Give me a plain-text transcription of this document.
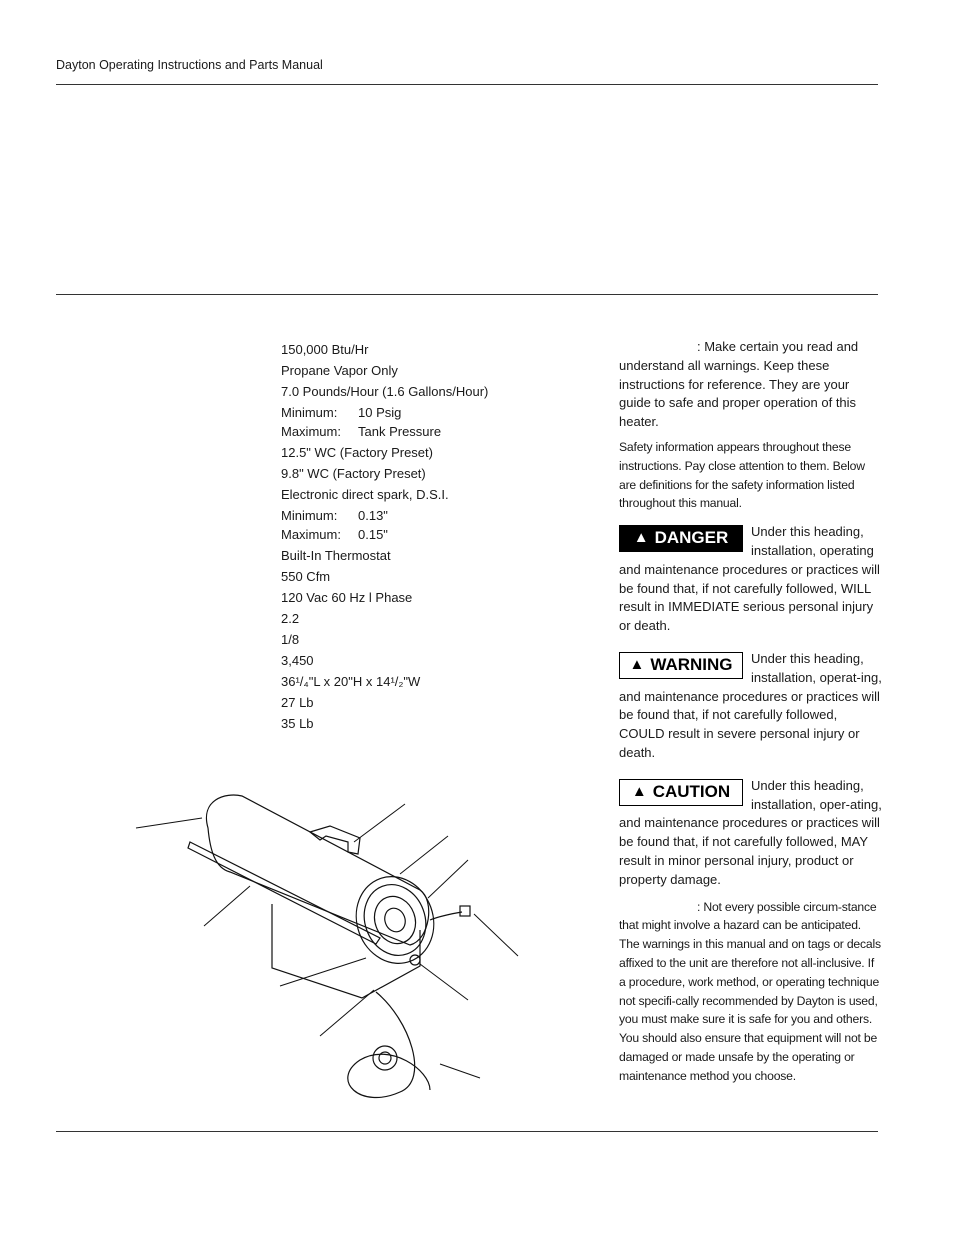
Dayton Operating Instructions and Parts Manual
150,000 Btu/Hr
Propane Vapor Only
7.0 Pounds/Hour (1.6 Gallons/Hour)
Minimum:	10 Psig
Maximum:	Tank Pressure
12.5" WC (Factory Preset)
9.8" WC (Factory Preset)
Electronic direct spark, D.S.I.
Minimum:	0.13"
Maximum:	0.15"
Built-In Thermostat
550 Cfm
120 Vac 60 Hz l Phase
2.2
1/8
3,450
36¹/₄"L x 20"H x 14¹/₂"W
27 Lb
35 Lb

: Make certain you read and understand all warnings. Keep these instructions for reference. They are your guide to safe and proper operation of this heater.

Safety information appears throughout these instructions. Pay close attention to them. Below are definitions for the safety information listed throughout this manual.

▲ DANGER Under this heading, installation, operating and maintenance procedures or practices will be found that, if not carefully followed, WILL result in IMMEDIATE serious personal injury or death.
▲ WARNING Under this heading, installation, operat-ing, and maintenance procedures or practices will be found that, if not carefully followed, COULD result in severe personal injury or death.
▲ CAUTION Under this heading, installation, oper-ating, and maintenance procedures or practices will be found that, if not carefully followed, MAY result in minor personal injury, product or property damage.

: Not every possible circum-stance that might involve a hazard can be anticipated. The warnings in this manual and on tags or decals affixed to the unit are therefore not all-inclusive. If a procedure, work method, or operating technique not specifi-cally recommended by Dayton is used, you must make sure it is safe for you and others. You should also ensure that equipment will not be damaged or made unsafe by the operating or maintenance method you choose.
